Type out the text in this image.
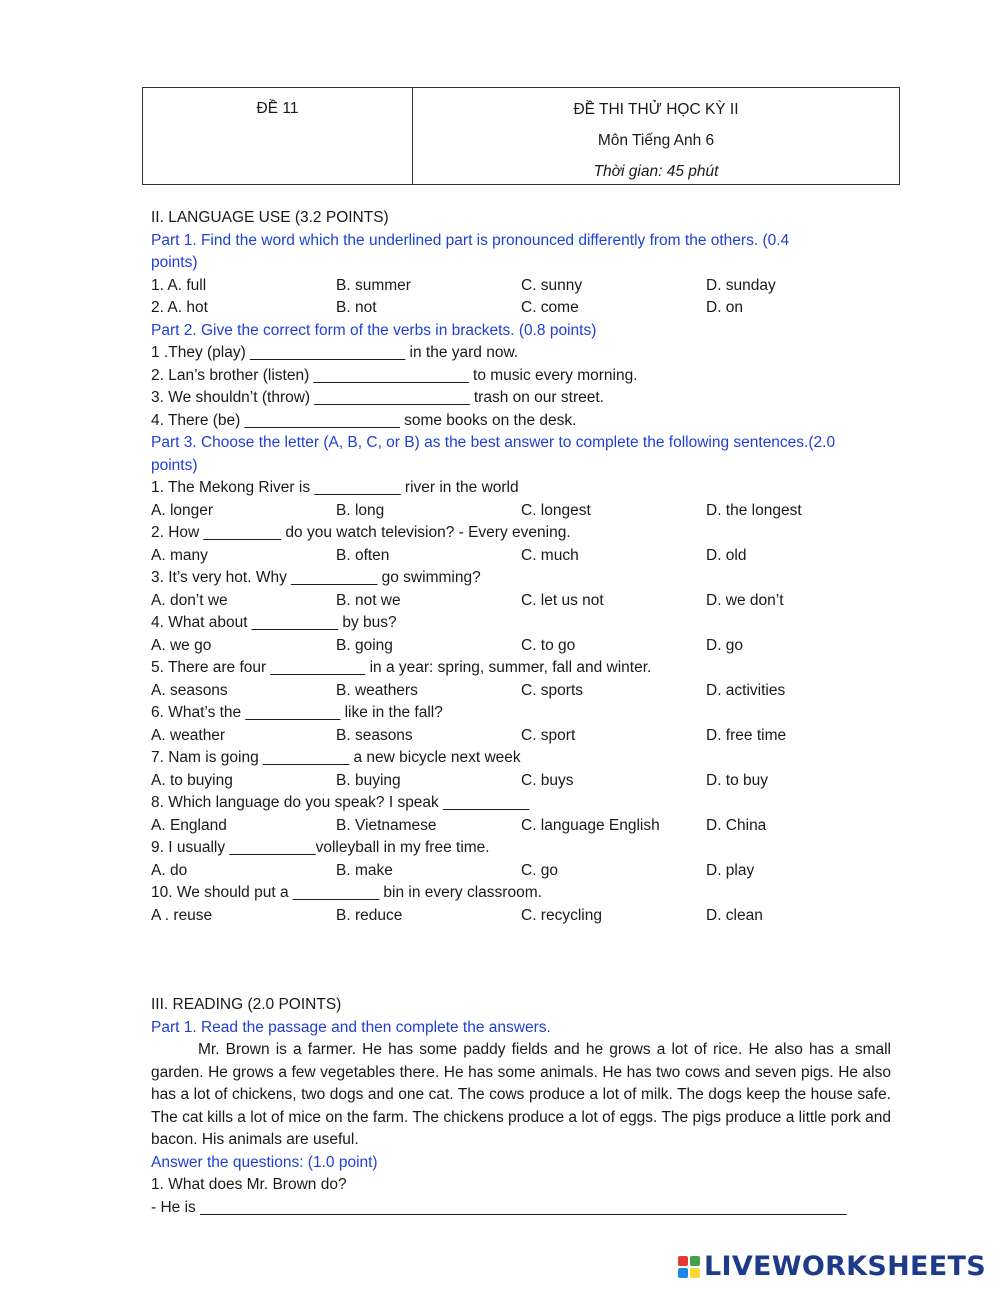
ĐỀ 11	ĐỀ THI THỬ HỌC KỲ II
Môn Tiếng Anh 6
Thời gian: 45 phút
II. LANGUAGE USE (3.2 POINTS)
Part 1. Find the word which the underlined part is pronounced differently from the others. (0.4
points)
1. A. full	B. summer	C. sunny	D. sunday
2. A. hot	B. not	C. come	D. on
Part 2. Give the correct form of the verbs in brackets. (0.8 points)
1 .They (play) __________________ in the yard now.
2. Lan’s brother (listen) __________________ to music every morning.
3. We shouldn’t (throw) __________________ trash on our street.
4. There (be) __________________ some books on the desk.
Part 3. Choose the letter (A, B, C, or B) as the best answer to complete the following sentences.(2.0
points)
1. The Mekong River is __________ river in the world
A. longer	B. long	C. longest	D. the longest
2. How _________ do you watch television? - Every evening.
A. many	B. often	C. much	D. old
3. It’s very hot. Why __________ go swimming?
A. don’t we	B. not we	C. let us not	D. we don’t
4. What about __________ by bus?
A. we go	B. going	C. to go	D. go
5. There are four ___________ in a year: spring, summer, fall and winter.
A. seasons	B. weathers	C. sports	D. activities
6. What’s the ___________ like in the fall?
A. weather	B. seasons	C. sport	D. free time
7. Nam is going __________ a new bicycle next week
A. to buying	B. buying	C. buys	D. to buy
8. Which language do you speak? I speak __________
A. England	B. Vietnamese	C. language English	D. China
9. I usually __________volleyball in my free time.
A. do	B. make	C. go	D. play
10. We should put a __________ bin in every classroom.
A . reuse	B. reduce	C. recycling	D. clean
III. READING (2.0 POINTS)
Part 1. Read the passage and then complete the answers.
Mr. Brown is a farmer. He has some paddy fields and he grows a lot of rice. He also has a small garden. He grows a few vegetables there. He has some animals. He has two cows and seven pigs. He also has a lot of chickens, two dogs and one cat. The cows produce a lot of milk. The dogs keep the house safe. The cat kills a lot of mice on the farm. The chickens produce a lot of eggs. The pigs produce a little pork and bacon. His animals are useful.
Answer the questions: (1.0 point)
1. What does Mr. Brown do?
- He is ___________________________________________________________________________
LIVEWORKSHEETS
